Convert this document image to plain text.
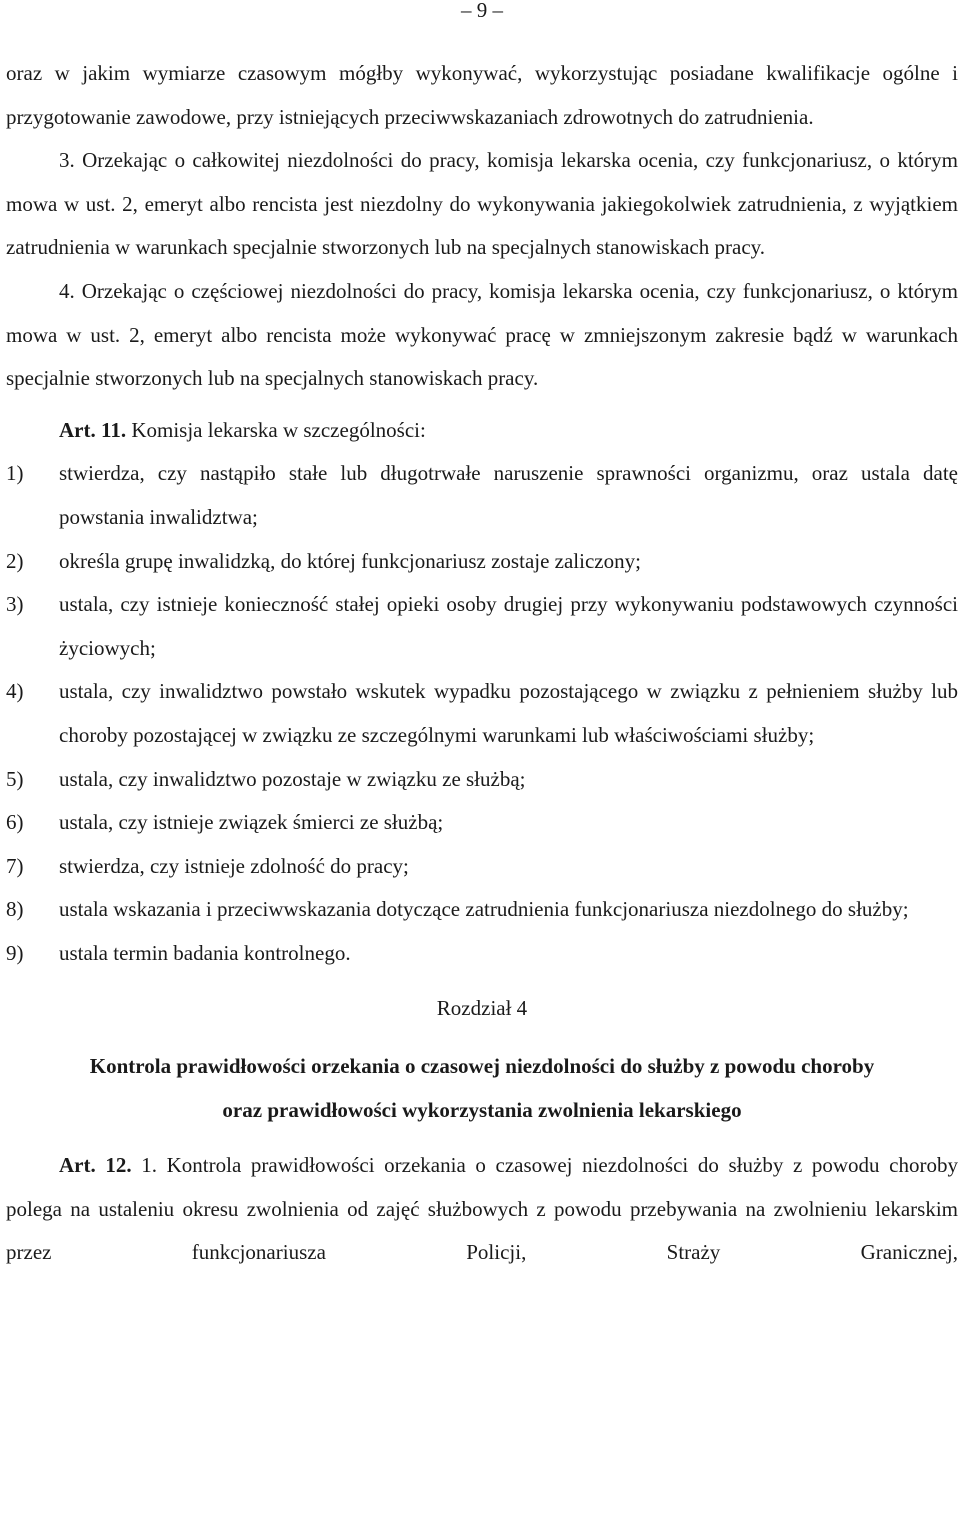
– 9 –

oraz w jakim wymiarze czasowym mógłby wykonywać, wykorzystując posiadane kwalifikacje ogólne i przygotowanie zawodowe, przy istniejących przeciwwskazaniach zdrowotnych do zatrudnienia.

3. Orzekając o całkowitej niezdolności do pracy, komisja lekarska ocenia, czy funkcjonariusz, o którym mowa w ust. 2, emeryt albo rencista jest niezdolny do wykonywania jakiegokolwiek zatrudnienia, z wyjątkiem zatrudnienia w warunkach specjalnie stworzonych lub na specjalnych stanowiskach pracy.

4. Orzekając o częściowej niezdolności do pracy, komisja lekarska ocenia, czy funkcjonariusz, o którym mowa w ust. 2, emeryt albo rencista może wykonywać pracę w zmniejszonym zakresie bądź w warunkach specjalnie stworzonych lub na specjalnych stanowiskach pracy.

Art. 11. Komisja lekarska w szczególności:

1)	stwierdza, czy nastąpiło stałe lub długotrwałe naruszenie sprawności organizmu, oraz ustala datę powstania inwalidztwa;
2)	określa grupę inwalidzką, do której funkcjonariusz zostaje zaliczony;
3)	ustala, czy istnieje konieczność stałej opieki osoby drugiej przy wykonywaniu podstawowych czynności życiowych;
4)	ustala, czy inwalidztwo powstało wskutek wypadku pozostającego w związku z pełnieniem służby lub choroby pozostającej w związku ze szczególnymi warunkami lub właściwościami służby;
5)	ustala, czy inwalidztwo pozostaje w związku ze służbą;
6)	ustala, czy istnieje związek śmierci ze służbą;
7)	stwierdza, czy istnieje zdolność do pracy;
8)	ustala wskazania i przeciwwskazania dotyczące zatrudnienia funkcjonariusza niezdolnego do służby;
9)	ustala termin badania kontrolnego.
Rozdział 4
Kontrola prawidłowości orzekania o czasowej niezdolności do służby z powodu choroby
oraz prawidłowości wykorzystania zwolnienia lekarskiego

Art. 12. 1. Kontrola prawidłowości orzekania o czasowej niezdolności do służby z powodu choroby polega na ustaleniu okresu zwolnienia od zajęć służbowych z powodu przebywania na zwolnieniu lekarskim przez funkcjonariusza Policji, Straży Granicznej,
